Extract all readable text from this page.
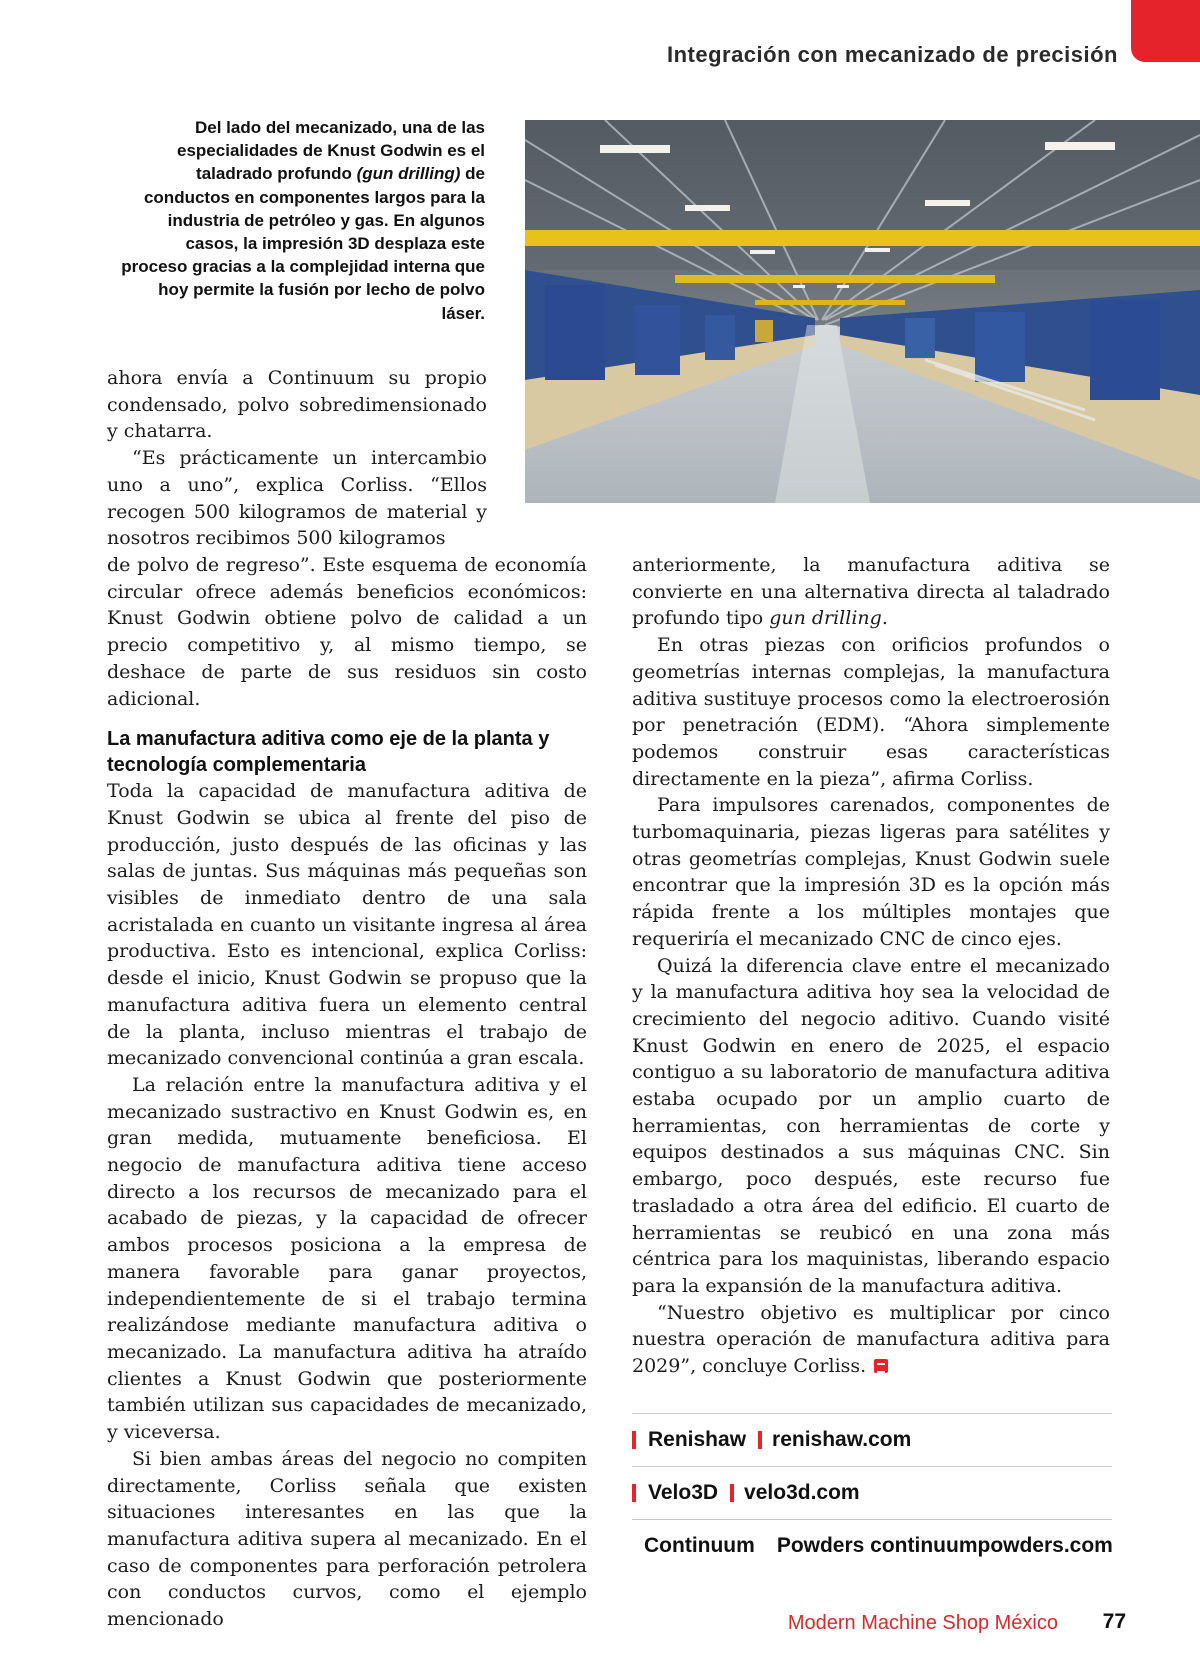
Integración con mecanizado de precisión
Del lado del mecanizado, una de las especialidades de Knust Godwin es el taladrado profundo (gun drilling) de conductos en componentes largos para la industria de petróleo y gas. En algunos casos, la impresión 3D desplaza este proceso gracias a la complejidad interna que hoy permite la fusión por lecho de polvo láser.

ahora envía a Continuum su propio condensado, polvo sobredimensionado y chatarra.

“Es prácticamente un intercambio uno a uno”, explica Corliss. “Ellos recogen 500 kilogramos de material y nosotros recibimos 500 kilogramos

de polvo de regreso”. Este esquema de economía circular ofrece además beneficios económicos: Knust Godwin obtiene polvo de calidad a un precio competitivo y, al mismo tiempo, se deshace de parte de sus residuos sin costo adicional.

La manufactura aditiva como eje de la planta y tecnología complementaria

Toda la capacidad de manufactura aditiva de Knust Godwin se ubica al frente del piso de producción, justo después de las oficinas y las salas de juntas. Sus máquinas más pequeñas son visibles de inmediato dentro de una sala acristalada en cuanto un visitante ingresa al área productiva. Esto es intencional, explica Corliss: desde el inicio, Knust Godwin se propuso que la manufactura aditiva fuera un elemento central de la planta, incluso mientras el trabajo de mecanizado convencional continúa a gran escala.

La relación entre la manufactura aditiva y el mecanizado sustractivo en Knust Godwin es, en gran medida, mutuamente beneficiosa. El negocio de manufactura aditiva tiene acceso directo a los recursos de mecanizado para el acabado de piezas, y la capacidad de ofrecer ambos procesos posiciona a la empresa de manera favorable para ganar proyectos, independientemente de si el trabajo termina realizándose mediante manufactura aditiva o mecanizado. La manufactura aditiva ha atraído clientes a Knust Godwin que posteriormente también utilizan sus capacidades de mecanizado, y viceversa.

Si bien ambas áreas del negocio no compiten directamente, Corliss señala que existen situaciones interesantes en las que la manufactura aditiva supera al mecanizado. En el caso de componentes para perforación petrolera con conductos curvos, como el ejemplo mencionado

anteriormente, la manufactura aditiva se convierte en una alternativa directa al taladrado profundo tipo gun drilling.

En otras piezas con orificios profundos o geometrías internas complejas, la manufactura aditiva sustituye procesos como la electroerosión por penetración (EDM). “Ahora simplemente podemos construir esas características directamente en la pieza”, afirma Corliss.

Para impulsores carenados, componentes de turbomaquinaria, piezas ligeras para satélites y otras geometrías complejas, Knust Godwin suele encontrar que la impresión 3D es la opción más rápida frente a los múltiples montajes que requeriría el mecanizado CNC de cinco ejes.

Quizá la diferencia clave entre el mecanizado y la manufactura aditiva hoy sea la velocidad de crecimiento del negocio aditivo. Cuando visité Knust Godwin en enero de 2025, el espacio contiguo a su laboratorio de manufactura aditiva estaba ocupado por un amplio cuarto de herramientas, con herramientas de corte y equipos destinados a sus máquinas CNC. Sin embargo, poco después, este recurso fue trasladado a otra área del edificio. El cuarto de herramientas se reubicó en una zona más céntrica para los maquinistas, liberando espacio para la expansión de la manufactura aditiva.

“Nuestro objetivo es multiplicar por cinco nuestra operación de manufactura aditiva para 2029”, concluye Corliss.

Renishaw renishaw.com
Velo3D velo3d.com
Continuum Powders continuumpowders.com
Modern Machine Shop México 77
